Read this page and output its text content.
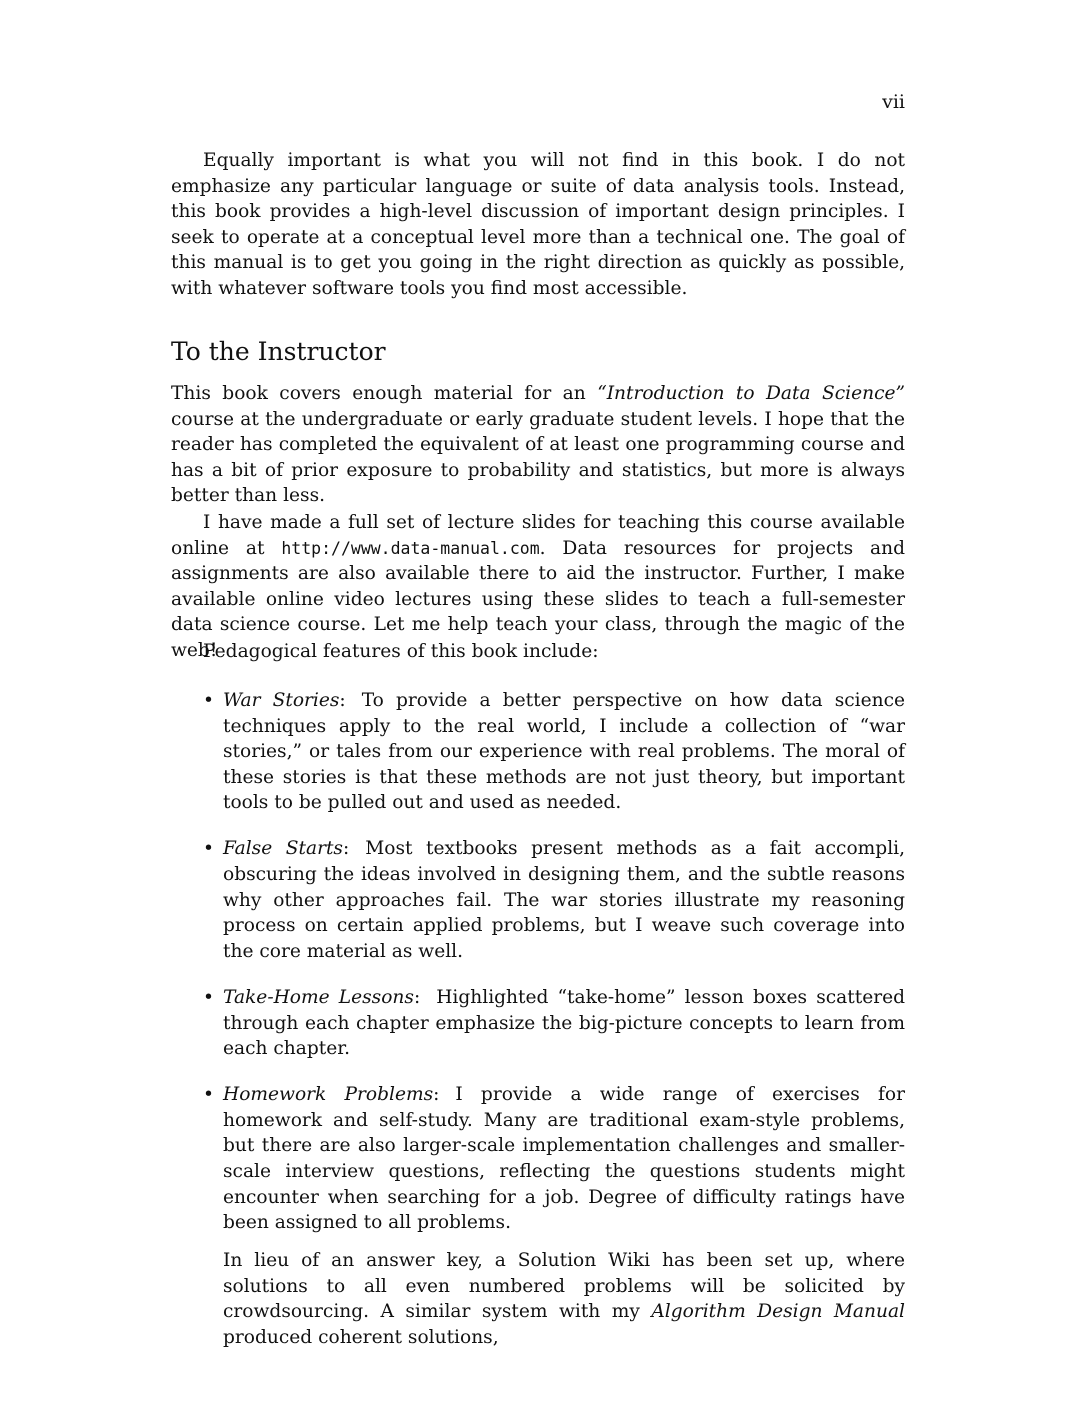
vii

Equally important is what you will not find in this book. I do not emphasize any particular language or suite of data analysis tools. Instead, this book provides a high-level discussion of important design principles. I seek to operate at a conceptual level more than a technical one. The goal of this manual is to get you going in the right direction as quickly as possible, with whatever software tools you find most accessible.

To the Instructor

This book covers enough material for an “Introduction to Data Science” course at the undergraduate or early graduate student levels. I hope that the reader has completed the equivalent of at least one programming course and has a bit of prior exposure to probability and statistics, but more is always better than less.

I have made a full set of lecture slides for teaching this course available online at http://www.data-manual.com. Data resources for projects and assignments are also available there to aid the instructor. Further, I make available online video lectures using these slides to teach a full-semester data science course. Let me help teach your class, through the magic of the web!

Pedagogical features of this book include:

• War Stories: To provide a better perspective on how data science techniques apply to the real world, I include a collection of “war stories,” or tales from our experience with real problems. The moral of these stories is that these methods are not just theory, but important tools to be pulled out and used as needed.
• False Starts: Most textbooks present methods as a fait accompli, obscuring the ideas involved in designing them, and the subtle reasons why other approaches fail. The war stories illustrate my reasoning process on certain applied problems, but I weave such coverage into the core material as well.
• Take-Home Lessons: Highlighted “take-home” lesson boxes scattered through each chapter emphasize the big-picture concepts to learn from each chapter.
• Homework Problems: I provide a wide range of exercises for homework and self-study. Many are traditional exam-style problems, but there are also larger-scale implementation challenges and smaller-scale interview questions, reflecting the questions students might encounter when searching for a job. Degree of difficulty ratings have been assigned to all problems.

In lieu of an answer key, a Solution Wiki has been set up, where solutions to all even numbered problems will be solicited by crowdsourcing. A similar system with my Algorithm Design Manual produced coherent solutions,
